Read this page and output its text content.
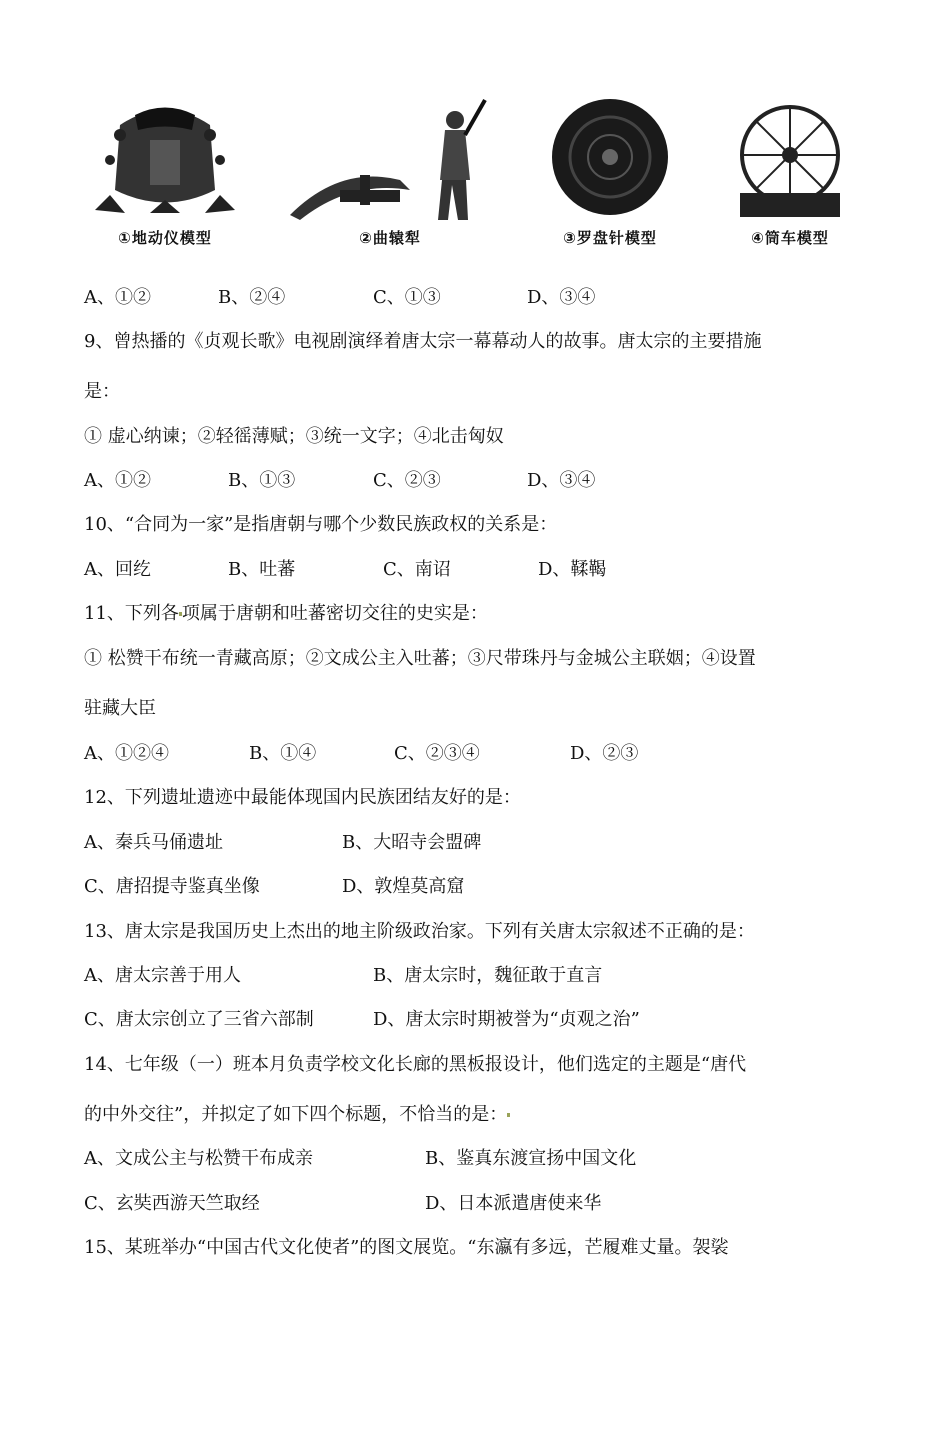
①地动仪模型	②曲辕犁	③罗盘针模型	④筒车模型
A、①②	B、②④	C、①③	D、③④
9、曾热播的《贞观长歌》电视剧演绎着唐太宗一幕幕动人的故事。唐太宗的主要措施
是：
① 虚心纳谏；②轻徭薄赋；③统一文字；④北击匈奴
A、①②	B、①③	C、②③	D、③④
10、“合同为一家”是指唐朝与哪个少数民族政权的关系是：
A、回纥	B、吐蕃	C、南诏	D、鞣鞨
11、下列各 项属于唐朝和吐蕃密切交往的史实是：
① 松赞干布统一青藏高原；②文成公主入吐蕃；③尺带珠丹与金城公主联姻；④设置
驻藏大臣
A、①②④	B、①④	C、②③④	D、②③
12、下列遗址遗迹中最能体现国内民族团结友好的是：
A、秦兵马俑遗址	B、大昭寺会盟碑
C、唐招提寺鉴真坐像	D、敦煌莫高窟
13、唐太宗是我国历史上杰出的地主阶级政治家。下列有关唐太宗叙述不正确的是：
A、唐太宗善于用人	B、唐太宗时，魏征敢于直言
C、唐太宗创立了三省六部制	D、唐太宗时期被誉为“贞观之治”
14、七年级（一）班本月负责学校文化长廊的黑板报设计，他们选定的主题是“唐代
的中外交往”，并拟定了如下四个标题，不恰当的是：
A、文成公主与松赞干布成亲	B、鉴真东渡宣扬中国文化
C、玄奘西游天竺取经	D、日本派遣唐使来华
15、某班举办“中国古代文化使者”的图文展览。“东瀛有多远，芒履难丈量。袈裟
